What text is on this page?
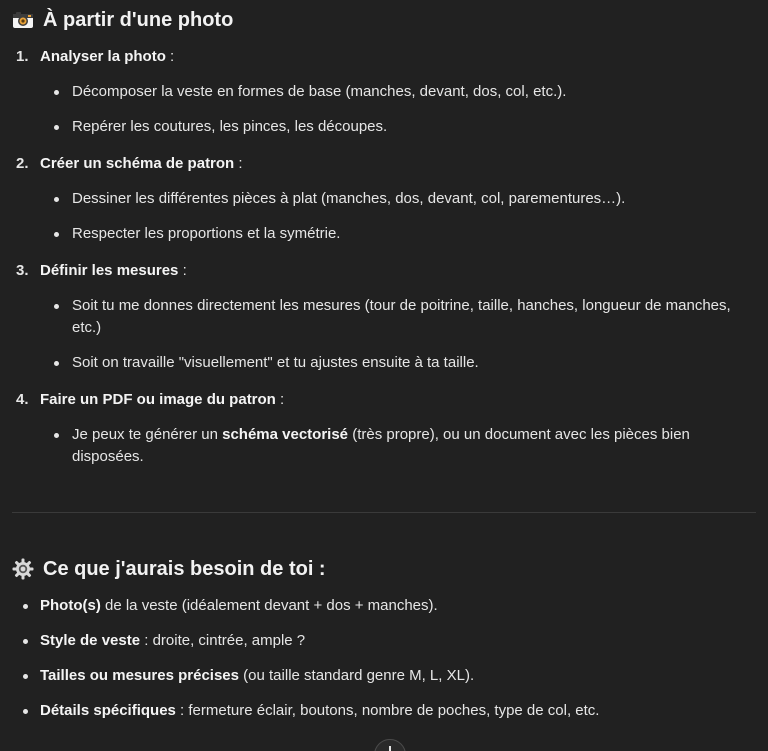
À partir d'une photo
1. Analyser la photo :
Décomposer la veste en formes de base (manches, devant, dos, col, etc.).
Repérer les coutures, les pinces, les découpes.
2. Créer un schéma de patron :
Dessiner les différentes pièces à plat (manches, dos, devant, col, parementures…).
Respecter les proportions et la symétrie.
3. Définir les mesures :
Soit tu me donnes directement les mesures (tour de poitrine, taille, hanches, longueur de manches, etc.)
Soit on travaille "visuellement" et tu ajustes ensuite à ta taille.
4. Faire un PDF ou image du patron :
Je peux te générer un schéma vectorisé (très propre), ou un document avec les pièces bien disposées.
Ce que j'aurais besoin de toi :
Photo(s) de la veste (idéalement devant + dos + manches).
Style de veste : droite, cintrée, ample ?
Tailles ou mesures précises (ou taille standard genre M, L, XL).
Détails spécifiques : fermeture éclair, boutons, nombre de poches, type de col, etc.
